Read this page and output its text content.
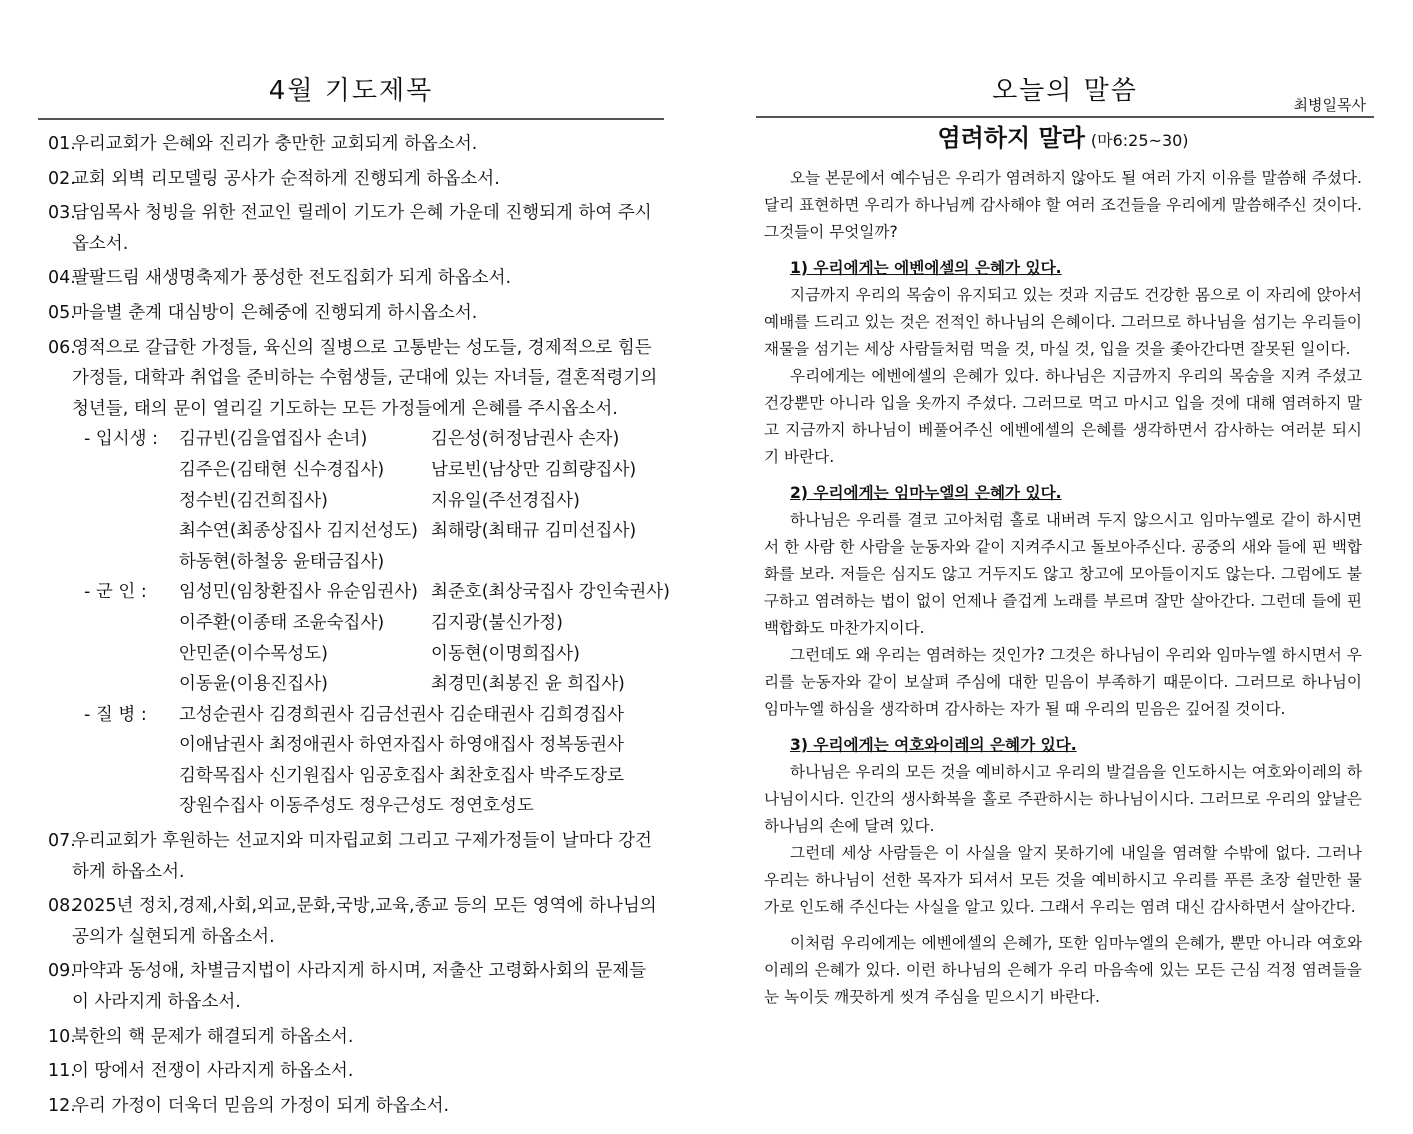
4월 기도제목
01.
우리교회가 은혜와 진리가 충만한 교회되게 하옵소서.
02.
교회 외벽 리모델링 공사가 순적하게 진행되게 하옵소서.
03.
담임목사 청빙을 위한 전교인 릴레이 기도가 은혜 가운데 진행되게 하여 주시옵소서.
04.
팔팔드림 새생명축제가 풍성한 전도집회가 되게 하옵소서.
05.
마을별 춘계 대심방이 은혜중에 진행되게 하시옵소서.
06.
영적으로 갈급한 가정들, 육신의 질병으로 고통받는 성도들, 경제적으로 힘든 가정들, 대학과 취업을 준비하는 수험생들, 군대에 있는 자녀들, 결혼적령기의 청년들, 태의 문이 열리길 기도하는 모든 가정들에게 은혜를 주시옵소서.
- 입시생 : 김규빈(김을엽집사 손녀)	김은성(허정남권사 손자)
김주은(김태현 신수경집사)	남로빈(남상만 김희량집사)
정수빈(김건희집사)	지유일(주선경집사)
최수연(최종상집사 김지선성도) 최해랑(최태규 김미선집사)
하동현(하철웅 윤태금집사)
- 군 인 : 임성민(임창환집사 유순임권사) 최준호(최상국집사 강인숙권사)
이주환(이종태 조윤숙집사)	김지광(불신가정)
안민준(이수목성도)	이동현(이명희집사)
이동윤(이용진집사)	최경민(최봉진 윤 희집사)
- 질 병 : 고성순권사 김경희권사 김금선권사 김순태권사 김희경집사
이애남권사 최정애권사 하연자집사 하영애집사 정복동권사
김학목집사 신기원집사 임공호집사 최찬호집사 박주도장로
장원수집사 이동주성도 정우근성도 정연호성도
07.
우리교회가 후원하는 선교지와 미자립교회 그리고 구제가정들이 날마다 강건하게 하옵소서.
08.
2025년 정치,경제,사회,외교,문화,국방,교육,종교 등의 모든 영역에 하나님의 공의가 실현되게 하옵소서.
09.
마약과 동성애, 차별금지법이 사라지게 하시며, 저출산 고령화사회의 문제들이 사라지게 하옵소서.
10.
북한의 핵 문제가 해결되게 하옵소서.
11.
이 땅에서 전쟁이 사라지게 하옵소서.
12.
우리 가정이 더욱더 믿음의 가정이 되게 하옵소서.
오늘의 말씀	최병일목사
염려하지 말라 (마6:25~30)

오늘 본문에서 예수님은 우리가 염려하지 않아도 될 여러 가지 이유를 말씀해 주셨다. 달리 표현하면 우리가 하나님께 감사해야 할 여러 조건들을 우리에게 말씀해주신 것이다. 그것들이 무엇일까?

1) 우리에게는 에벤에셀의 은혜가 있다.

지금까지 우리의 목숨이 유지되고 있는 것과 지금도 건강한 몸으로 이 자리에 앉아서 예배를 드리고 있는 것은 전적인 하나님의 은혜이다. 그러므로 하나님을 섬기는 우리들이 재물을 섬기는 세상 사람들처럼 먹을 것, 마실 것, 입을 것을 좇아간다면 잘못된 일이다.

우리에게는 에벤에셀의 은혜가 있다. 하나님은 지금까지 우리의 목숨을 지켜 주셨고 건강뿐만 아니라 입을 옷까지 주셨다. 그러므로 먹고 마시고 입을 것에 대해 염려하지 말고 지금까지 하나님이 베풀어주신 에벤에셀의 은혜를 생각하면서 감사하는 여러분 되시기 바란다.

2) 우리에게는 임마누엘의 은혜가 있다.

하나님은 우리를 결코 고아처럼 홀로 내버려 두지 않으시고 임마누엘로 같이 하시면서 한 사람 한 사람을 눈동자와 같이 지켜주시고 돌보아주신다. 공중의 새와 들에 핀 백합화를 보라. 저들은 심지도 않고 거두지도 않고 창고에 모아들이지도 않는다. 그럼에도 불구하고 염려하는 법이 없이 언제나 즐겁게 노래를 부르며 잘만 살아간다. 그런데 들에 핀 백합화도 마찬가지이다.

그런데도 왜 우리는 염려하는 것인가? 그것은 하나님이 우리와 임마누엘 하시면서 우리를 눈동자와 같이 보살펴 주심에 대한 믿음이 부족하기 때문이다. 그러므로 하나님이 임마누엘 하심을 생각하며 감사하는 자가 될 때 우리의 믿음은 깊어질 것이다.

3) 우리에게는 여호와이레의 은혜가 있다.

하나님은 우리의 모든 것을 예비하시고 우리의 발걸음을 인도하시는 여호와이레의 하나님이시다. 인간의 생사화복을 홀로 주관하시는 하나님이시다. 그러므로 우리의 앞날은 하나님의 손에 달려 있다.

그런데 세상 사람들은 이 사실을 알지 못하기에 내일을 염려할 수밖에 없다. 그러나 우리는 하나님이 선한 목자가 되셔서 모든 것을 예비하시고 우리를 푸른 초장 쉴만한 물가로 인도해 주신다는 사실을 알고 있다. 그래서 우리는 염려 대신 감사하면서 살아간다.

이처럼 우리에게는 에벤에셀의 은혜가, 또한 임마누엘의 은혜가, 뿐만 아니라 여호와이레의 은혜가 있다. 이런 하나님의 은혜가 우리 마음속에 있는 모든 근심 걱정 염려들을 눈 녹이듯 깨끗하게 씻겨 주심을 믿으시기 바란다.
